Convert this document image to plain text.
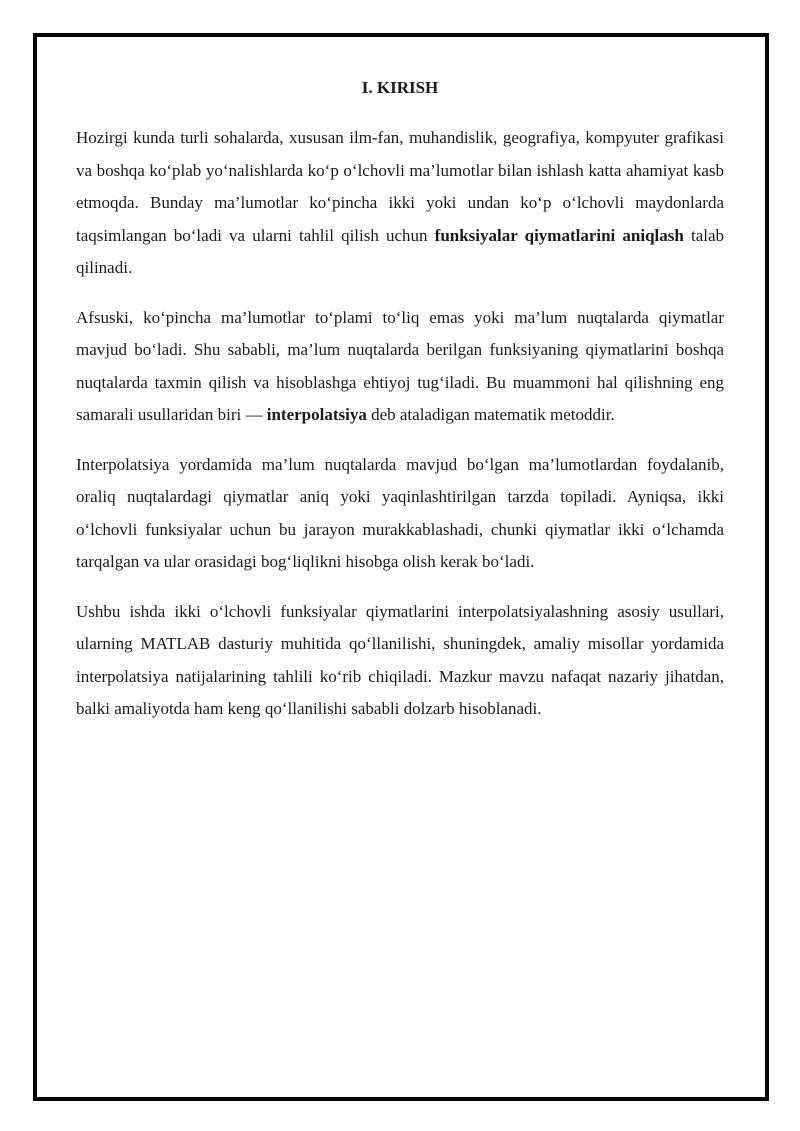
I. KIRISH

Hozirgi kunda turli sohalarda, xususan ilm-fan, muhandislik, geografiya, kompyuter grafikasi va boshqa ko‘plab yo‘nalishlarda ko‘p o‘lchovli ma’lumotlar bilan ishlash katta ahamiyat kasb etmoqda. Bunday ma’lumotlar ko‘pincha ikki yoki undan ko‘p o‘lchovli maydonlarda taqsimlangan bo‘ladi va ularni tahlil qilish uchun funksiyalar qiymatlarini aniqlash talab qilinadi.

Afsuski, ko‘pincha ma’lumotlar to‘plami to‘liq emas yoki ma’lum nuqtalarda qiymatlar mavjud bo‘ladi. Shu sababli, ma’lum nuqtalarda berilgan funksiyaning qiymatlarini boshqa nuqtalarda taxmin qilish va hisoblashga ehtiyoj tug‘iladi. Bu muammoni hal qilishning eng samarali usullaridan biri — interpolatsiya deb ataladigan matematik metoddir.

Interpolatsiya yordamida ma’lum nuqtalarda mavjud bo‘lgan ma’lumotlardan foydalanib, oraliq nuqtalardagi qiymatlar aniq yoki yaqinlashtirilgan tarzda topiladi. Ayniqsa, ikki o‘lchovli funksiyalar uchun bu jarayon murakkablashadi, chunki qiymatlar ikki o‘lchamda tarqalgan va ular orasidagi bog‘liqlikni hisobga olish kerak bo‘ladi.

Ushbu ishda ikki o‘lchovli funksiyalar qiymatlarini interpolatsiyalashning asosiy usullari, ularning MATLAB dasturiy muhitida qo‘llanilishi, shuningdek, amaliy misollar yordamida interpolatsiya natijalarining tahlili ko‘rib chiqiladi. Mazkur mavzu nafaqat nazariy jihatdan, balki amaliyotda ham keng qo‘llanilishi sababli dolzarb hisoblanadi.
